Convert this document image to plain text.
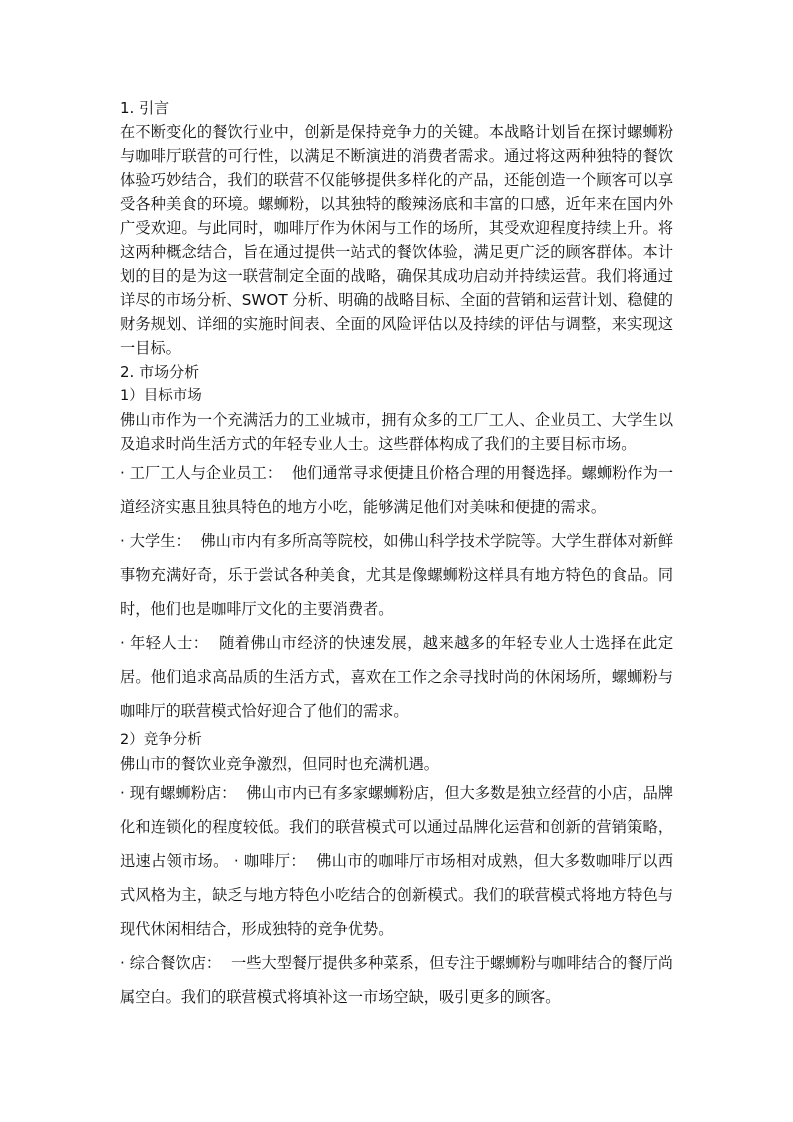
1. 引言

在不断变化的餐饮行业中，创新是保持竞争力的关键。本战略计划旨在探讨螺蛳粉与咖啡厅联营的可行性，以满足不断演进的消费者需求。通过将这两种独特的餐饮体验巧妙结合，我们的联营不仅能够提供多样化的产品，还能创造一个顾客可以享受各种美食的环境。螺蛳粉，以其独特的酸辣汤底和丰富的口感，近年来在国内外广受欢迎。与此同时，咖啡厅作为休闲与工作的场所，其受欢迎程度持续上升。将这两种概念结合，旨在通过提供一站式的餐饮体验，满足更广泛的顾客群体。本计划的目的是为这一联营制定全面的战略，确保其成功启动并持续运营。我们将通过详尽的市场分析、SWOT 分析、明确的战略目标、全面的营销和运营计划、稳健的财务规划、详细的实施时间表、全面的风险评估以及持续的评估与调整，来实现这一目标。

2. 市场分析

1）目标市场

佛山市作为一个充满活力的工业城市，拥有众多的工厂工人、企业员工、大学生以及追求时尚生活方式的年轻专业人士。这些群体构成了我们的主要目标市场。

· 工厂工人与企业员工：  他们通常寻求便捷且价格合理的用餐选择。螺蛳粉作为一道经济实惠且独具特色的地方小吃，能够满足他们对美味和便捷的需求。

· 大学生：  佛山市内有多所高等院校，如佛山科学技术学院等。大学生群体对新鲜事物充满好奇，乐于尝试各种美食，尤其是像螺蛳粉这样具有地方特色的食品。同时，他们也是咖啡厅文化的主要消费者。

· 年轻人士：  随着佛山市经济的快速发展，越来越多的年轻专业人士选择在此定居。他们追求高品质的生活方式，喜欢在工作之余寻找时尚的休闲场所，螺蛳粉与咖啡厅的联营模式恰好迎合了他们的需求。

2）竞争分析

佛山市的餐饮业竞争激烈，但同时也充满机遇。

· 现有螺蛳粉店：  佛山市内已有多家螺蛳粉店，但大多数是独立经营的小店，品牌化和连锁化的程度较低。我们的联营模式可以通过品牌化运营和创新的营销策略，迅速占领市场。 · 咖啡厅：  佛山市的咖啡厅市场相对成熟，但大多数咖啡厅以西式风格为主，缺乏与地方特色小吃结合的创新模式。我们的联营模式将地方特色与现代休闲相结合，形成独特的竞争优势。

· 综合餐饮店：  一些大型餐厅提供多种菜系，但专注于螺蛳粉与咖啡结合的餐厅尚属空白。我们的联营模式将填补这一市场空缺，吸引更多的顾客。
